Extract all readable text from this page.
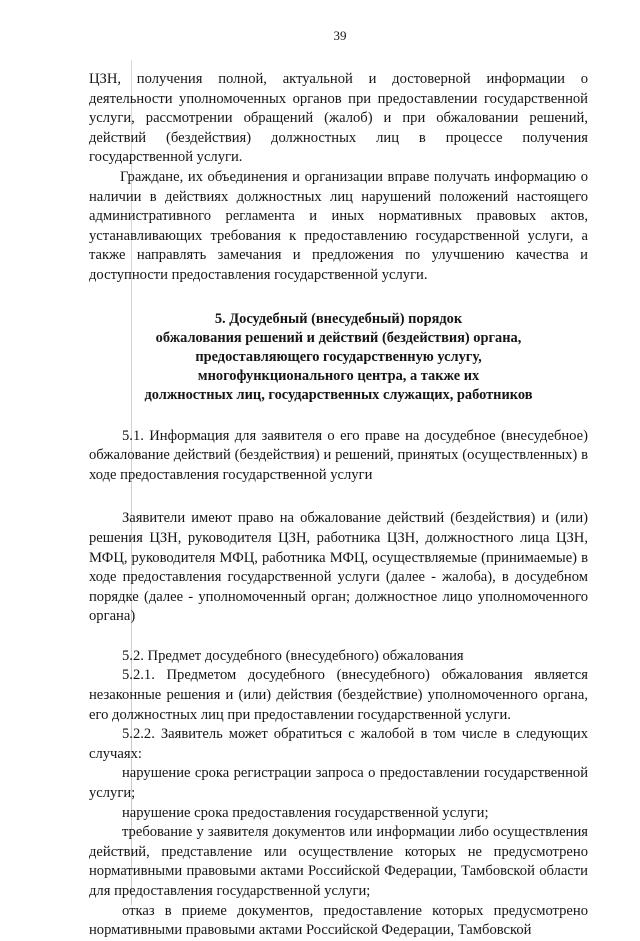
39

ЦЗН, получения полной, актуальной и достоверной информации о деятельности уполномоченных органов при предоставлении государственной услуги, рассмотрении обращений (жалоб) и при обжаловании решений, действий (бездействия) должностных лиц в процессе получения государственной услуги.

Граждане, их объединения и организации вправе получать информацию о наличии в действиях должностных лиц нарушений положений настоящего административного регламента и иных нормативных правовых актов, устанавливающих требования к предоставлению государственной услуги, а также направлять замечания и предложения по улучшению качества и доступности предоставления государственной услуги.

5. Досудебный (внесудебный) порядок
обжалования решений и действий (бездействия) органа,
предоставляющего государственную услугу,
многофункционального центра, а также их
должностных лиц, государственных служащих, работников

5.1. Информация для заявителя о его праве на досудебное (внесудебное) обжалование действий (бездействия) и решений, принятых (осуществленных) в ходе предоставления государственной услуги

Заявители имеют право на обжалование действий (бездействия) и (или) решения ЦЗН, руководителя ЦЗН, работника ЦЗН, должностного лица ЦЗН, МФЦ, руководителя МФЦ, работника МФЦ, осуществляемые (принимаемые) в ходе предоставления государственной услуги (далее - жалоба), в досудебном порядке (далее - уполномоченный орган; должностное лицо уполномоченного органа)

5.2. Предмет досудебного (внесудебного) обжалования

5.2.1. Предметом досудебного (внесудебного) обжалования является незаконные решения и (или) действия (бездействие) уполномоченного органа, его должностных лиц при предоставлении государственной услуги.

5.2.2. Заявитель может обратиться с жалобой в том числе в следующих случаях:

нарушение срока регистрации запроса о предоставлении государственной услуги;

нарушение срока предоставления государственной услуги;

требование у заявителя документов или информации либо осуществления действий, представление или осуществление которых не предусмотрено нормативными правовыми актами Российской Федерации, Тамбовской области для предоставления государственной услуги;

отказ в приеме документов, предоставление которых предусмотрено нормативными правовыми актами Российской Федерации, Тамбовской
